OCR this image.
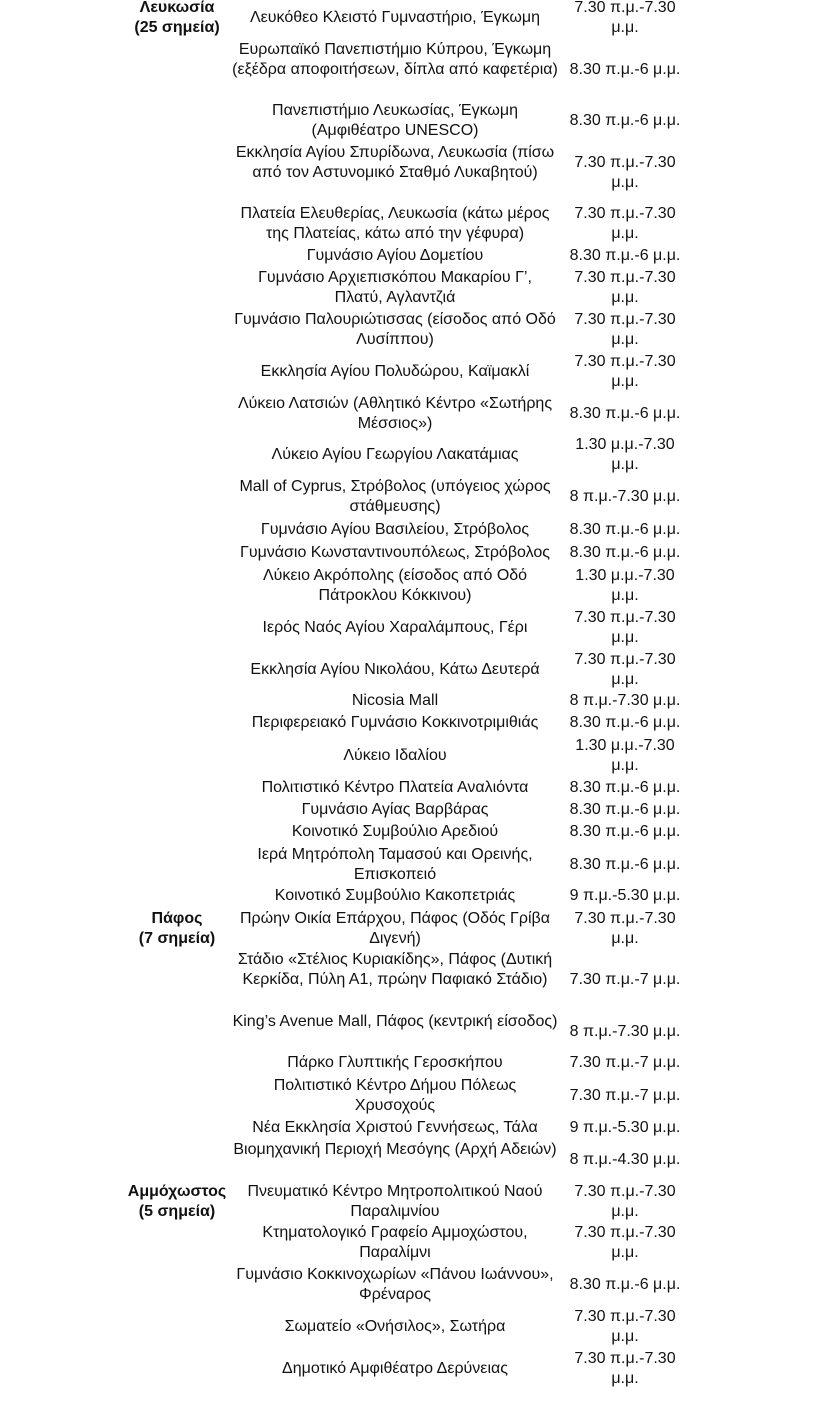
Λευκωσία
(25 σημεία)
Λευκόθεο Κλειστό Γυμναστήριο, Έγκωμη
7.30 π.μ.-7.30 μ.μ.
Ευρωπαϊκό Πανεπιστήμιο Κύπρου, Έγκωμη (εξέδρα αποφοιτήσεων, δίπλα από καφετέρια) 8.30 π.μ.-6 μ.μ.
Πανεπιστήμιο Λευκωσίας, Έγκωμη (Αμφιθέατρο UNESCO)
8.30 π.μ.-6 μ.μ.
Εκκλησία Αγίου Σπυρίδωνα, Λευκωσία (πίσω από τον Αστυνομικό Σταθμό Λυκαβητού)
7.30 π.μ.-7.30 μ.μ.
Πλατεία Ελευθερίας, Λευκωσία (κάτω μέρος της Πλατείας, κάτω από την γέφυρα)
7.30 π.μ.-7.30 μ.μ.
Γυμνάσιο Αγίου Δομετίου	8.30 π.μ.-6 μ.μ.
Γυμνάσιο Αρχιεπισκόπου Μακαρίου Γ’, Πλατύ, Αγλαντζιά
7.30 π.μ.-7.30 μ.μ.
Γυμνάσιο Παλουριώτισσας (είσοδος από Οδό Λυσίππου)
7.30 π.μ.-7.30 μ.μ.
Εκκλησία Αγίου Πολυδώρου, Καϊμακλί
7.30 π.μ.-7.30 μ.μ.
Λύκειο Λατσιών (Αθλητικό Κέντρο «Σωτήρης Μέσσιος»)
8.30 π.μ.-6 μ.μ.
Λύκειο Αγίου Γεωργίου Λακατάμιας
1.30 μ.μ.-7.30 μ.μ.
Mall of Cyprus, Στρόβολος (υπόγειος χώρος στάθμευσης)
8 π.μ.-7.30 μ.μ.
Γυμνάσιο Αγίου Βασιλείου, Στρόβολος	8.30 π.μ.-6 μ.μ.
Γυμνάσιο Κωνσταντινουπόλεως, Στρόβολος	8.30 π.μ.-6 μ.μ.
Λύκειο Ακρόπολης (είσοδος από Οδό Πάτροκλου Κόκκινου)
1.30 μ.μ.-7.30 μ.μ.
Ιερός Ναός Αγίου Χαραλάμπους, Γέρι
7.30 π.μ.-7.30 μ.μ.
Εκκλησία Αγίου Νικολάου, Κάτω Δευτερά
7.30 π.μ.-7.30 μ.μ.
Nicosia Mall	8 π.μ.-7.30 μ.μ.
Περιφερειακό Γυμνάσιο Κοκκινοτριμιθιάς	8.30 π.μ.-6 μ.μ.
Λύκειο Ιδαλίου
1.30 μ.μ.-7.30 μ.μ.
Πολιτιστικό Κέντρο Πλατεία Αναλιόντα	8.30 π.μ.-6 μ.μ.
Γυμνάσιο Αγίας Βαρβάρας	8.30 π.μ.-6 μ.μ.
Κοινοτικό Συμβούλιο Αρεδιού	8.30 π.μ.-6 μ.μ.
Ιερά Μητρόπολη Ταμασού και Ορεινής, Επισκοπειό
8.30 π.μ.-6 μ.μ.
Κοινοτικό Συμβούλιο Κακοπετριάς	9 π.μ.-5.30 μ.μ.
Πάφος
(7 σημεία)
Πρώην Οικία Επάρχου, Πάφος (Οδός Γρίβα Διγενή)
7.30 π.μ.-7.30 μ.μ.
Στάδιο «Στέλιος Κυριακίδης», Πάφος (Δυτική Κερκίδα, Πύλη Α1, πρώην Παφιακό Στάδιο)	7.30 π.μ.-7 μ.μ.
King’s Avenue Mall, Πάφος (κεντρική είσοδος)
8 π.μ.-7.30 μ.μ.
Πάρκο Γλυπτικής Γεροσκήπου	7.30 π.μ.-7 μ.μ.
Πολιτιστικό Κέντρο Δήμου Πόλεως Χρυσοχούς
7.30 π.μ.-7 μ.μ.
Νέα Εκκλησία Χριστού Γεννήσεως, Τάλα	9 π.μ.-5.30 μ.μ.
Βιομηχανική Περιοχή Μεσόγης (Αρχή Αδειών)
8 π.μ.-4.30 μ.μ.
Αμμόχωστος
(5 σημεία)
Πνευματικό Κέντρο Μητροπολιτικού Ναού Παραλιμνίου
7.30 π.μ.-7.30 μ.μ.
Κτηματολογικό Γραφείο Αμμοχώστου, Παραλίμνι
7.30 π.μ.-7.30 μ.μ.
Γυμνάσιο Κοκκινοχωρίων «Πάνου Ιωάννου», Φρέναρος
8.30 π.μ.-6 μ.μ.
Σωματείο «Ονήσιλος», Σωτήρα
7.30 π.μ.-7.30 μ.μ.
Δημοτικό Αμφιθέατρο Δερύνειας
7.30 π.μ.-7.30 μ.μ.
